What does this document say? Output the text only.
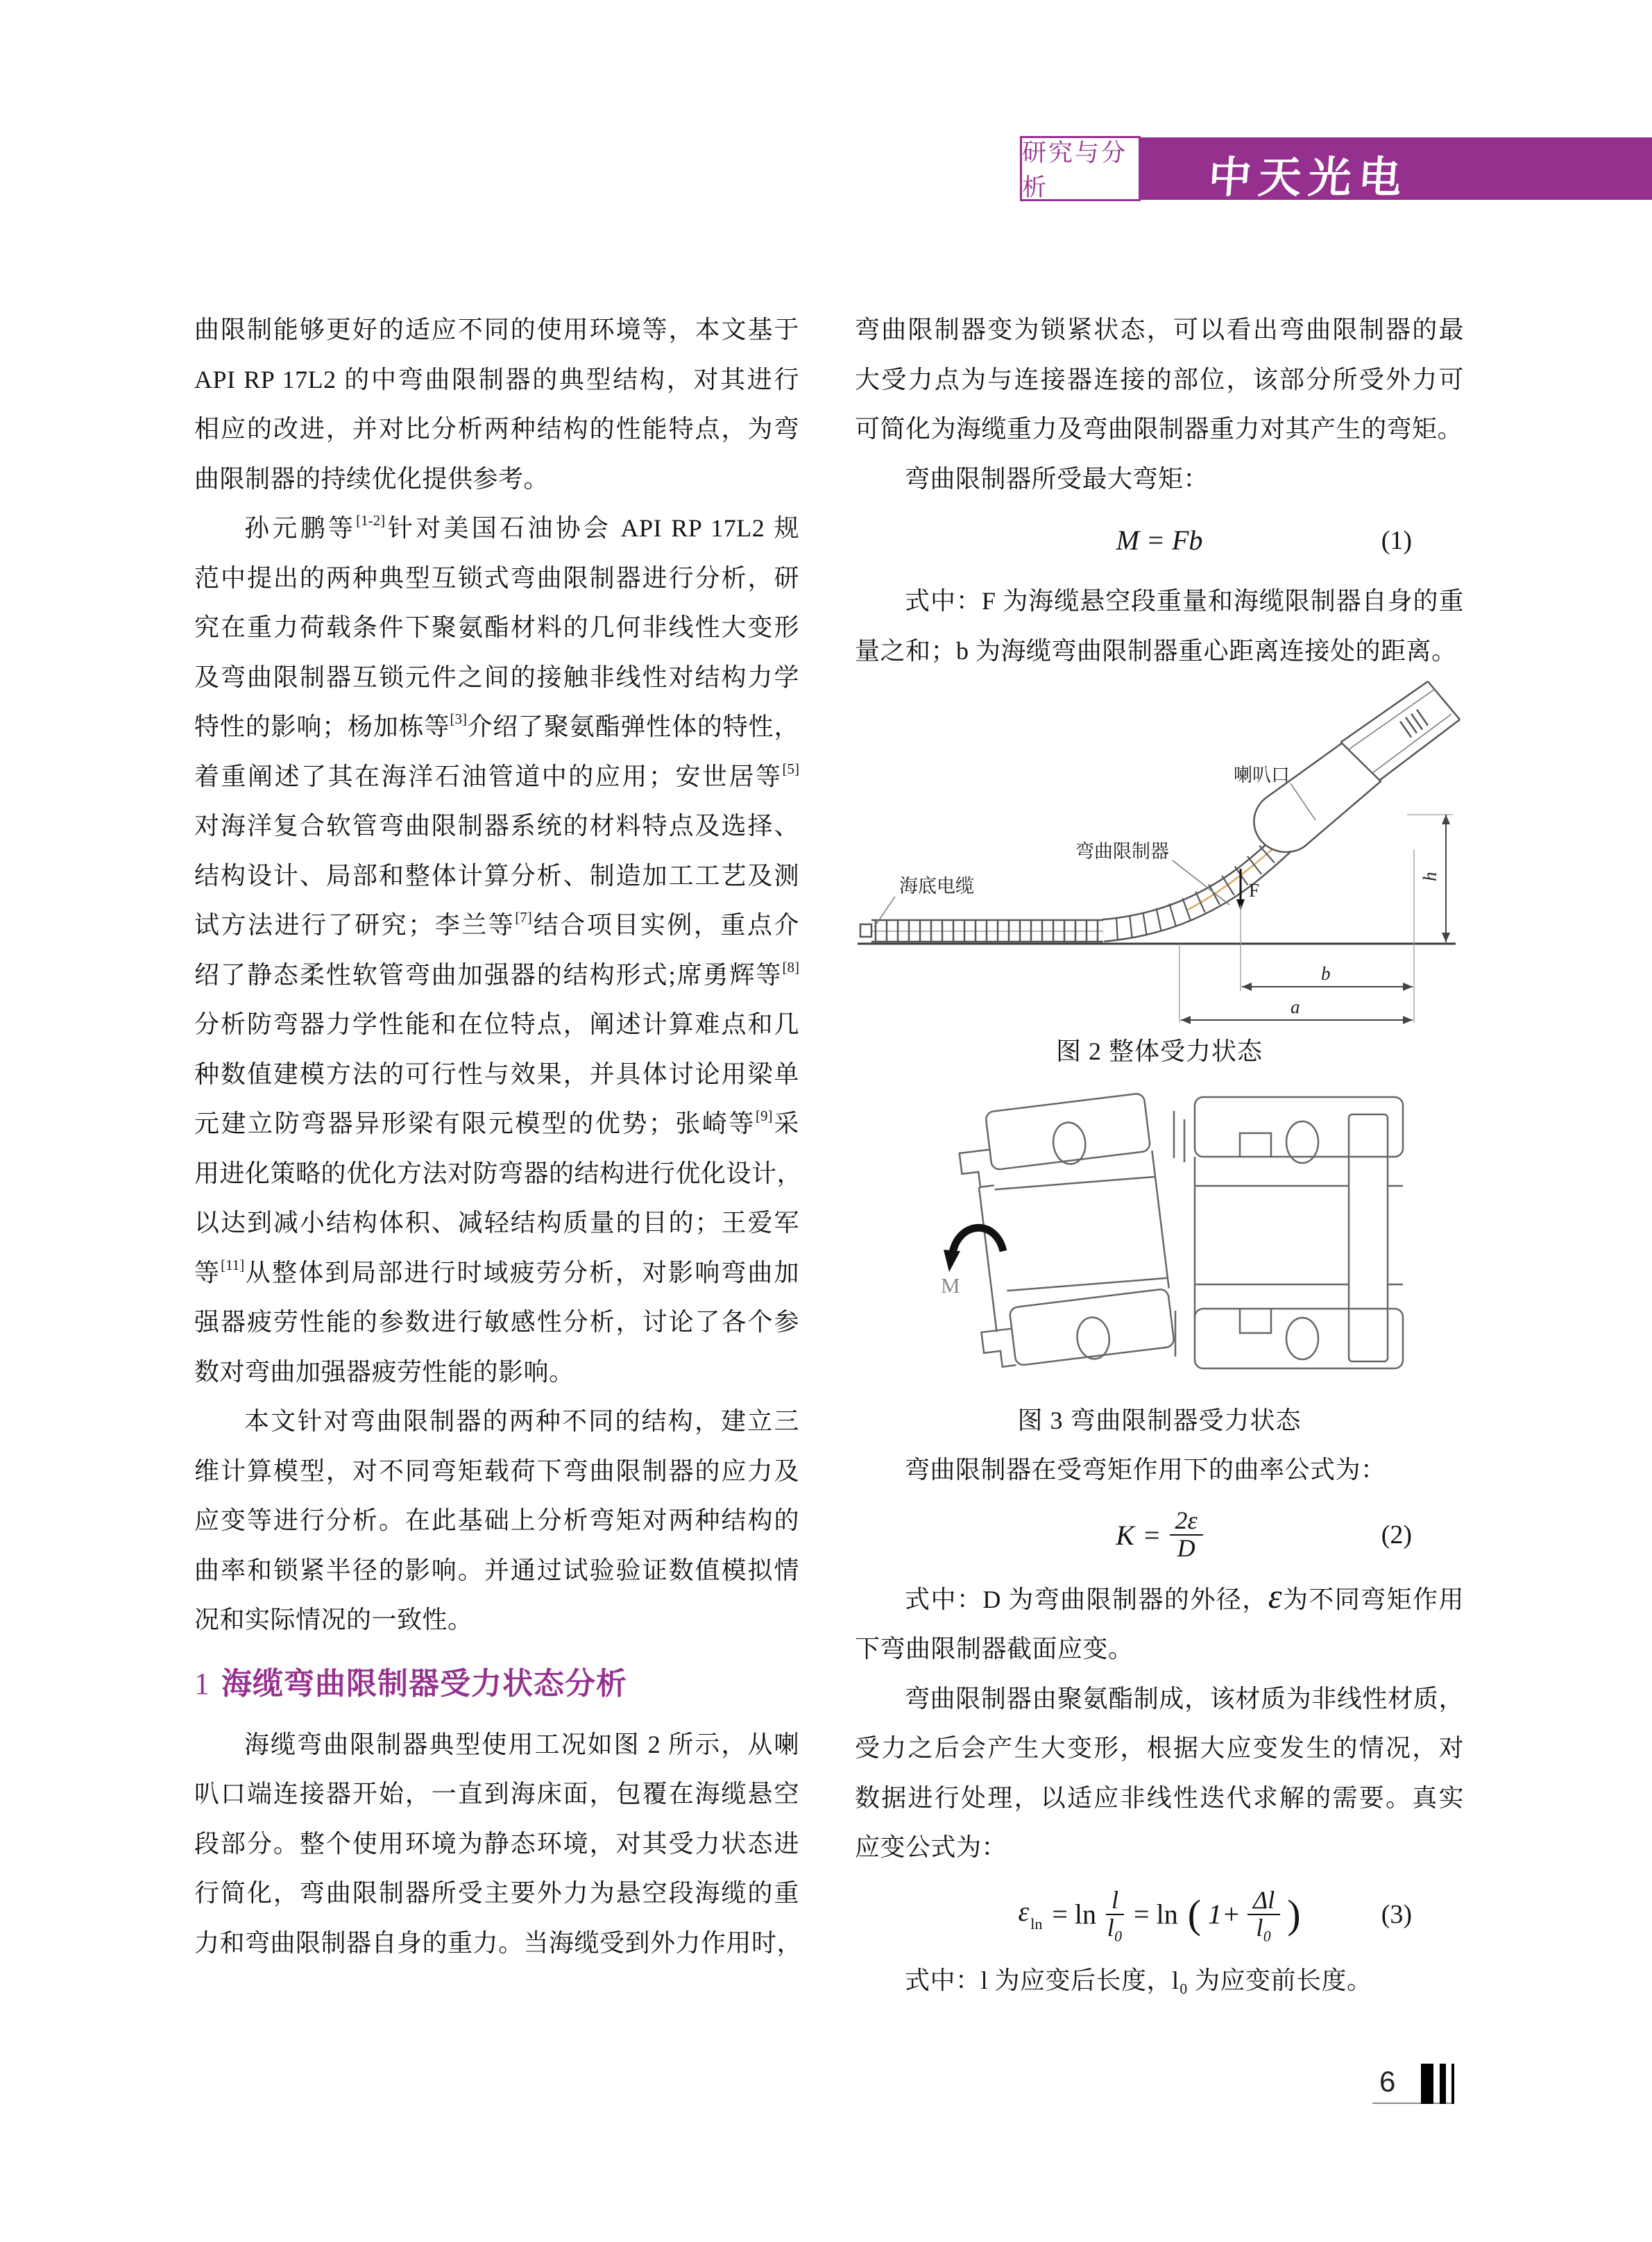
中天光电
研究与分析
曲限制能够更好的适应不同的使用环境等，本文基于
API RP 17L2 的中弯曲限制器的典型结构，对其进行
相应的改进，并对比分析两种结构的性能特点，为弯
曲限制器的持续优化提供参考。
孙元鹏等[1-2]针对美国石油协会 API RP 17L2 规
范中提出的两种典型互锁式弯曲限制器进行分析，研
究在重力荷载条件下聚氨酯材料的几何非线性大变形
及弯曲限制器互锁元件之间的接触非线性对结构力学
特性的影响；杨加栋等[3]介绍了聚氨酯弹性体的特性，
着重阐述了其在海洋石油管道中的应用；安世居等[5]
对海洋复合软管弯曲限制器系统的材料特点及选择、
结构设计、局部和整体计算分析、制造加工工艺及测
试方法进行了研究；李兰等[7]结合项目实例，重点介
绍了静态柔性软管弯曲加强器的结构形式;席勇辉等[8]
分析防弯器力学性能和在位特点，阐述计算难点和几
种数值建模方法的可行性与效果，并具体讨论用梁单
元建立防弯器异形梁有限元模型的优势；张崎等[9]采
用进化策略的优化方法对防弯器的结构进行优化设计，
以达到减小结构体积、减轻结构质量的目的；王爱军
等[11]从整体到局部进行时域疲劳分析，对影响弯曲加
强器疲劳性能的参数进行敏感性分析，讨论了各个参
数对弯曲加强器疲劳性能的影响。
本文针对弯曲限制器的两种不同的结构，建立三
维计算模型，对不同弯矩载荷下弯曲限制器的应力及
应变等进行分析。在此基础上分析弯矩对两种结构的
曲率和锁紧半径的影响。并通过试验验证数值模拟情
况和实际情况的一致性。
1 海缆弯曲限制器受力状态分析
海缆弯曲限制器典型使用工况如图 2 所示，从喇
叭口端连接器开始，一直到海床面，包覆在海缆悬空
段部分。整个使用环境为静态环境，对其受力状态进
行简化，弯曲限制器所受主要外力为悬空段海缆的重
力和弯曲限制器自身的重力。当海缆受到外力作用时，
弯曲限制器变为锁紧状态，可以看出弯曲限制器的最
大受力点为与连接器连接的部位，该部分所受外力可
可简化为海缆重力及弯曲限制器重力对其产生的弯矩。
弯曲限制器所受最大弯矩：
M = Fb	(1)
式中：F 为海缆悬空段重量和海缆限制器自身的重
量之和；b 为海缆弯曲限制器重心距离连接处的距离。
F
b
a
h
海底电缆
弯曲限制器
喇叭口
图 2 整体受力状态
M
图 3 弯曲限制器受力状态
弯曲限制器在受弯矩作用下的曲率公式为：
$K = \frac{2\varepsilon}{D}$	(2)
式中：D 为弯曲限制器的外径，ε为不同弯矩作用
下弯曲限制器截面应变。
弯曲限制器由聚氨酯制成，该材质为非线性材质，
受力之后会产生大变形，根据大应变发生的情况，对
数据进行处理，以适应非线性迭代求解的需要。真实
应变公式为：
$\varepsilon_{ln} = \ln \frac{l}{\text{l₀}} = \ln$ ( $1+ \frac{\Delta l}{\text{l₀}}$ )	(3)
式中：l 为应变后长度，l₀ 为应变前长度。
6
